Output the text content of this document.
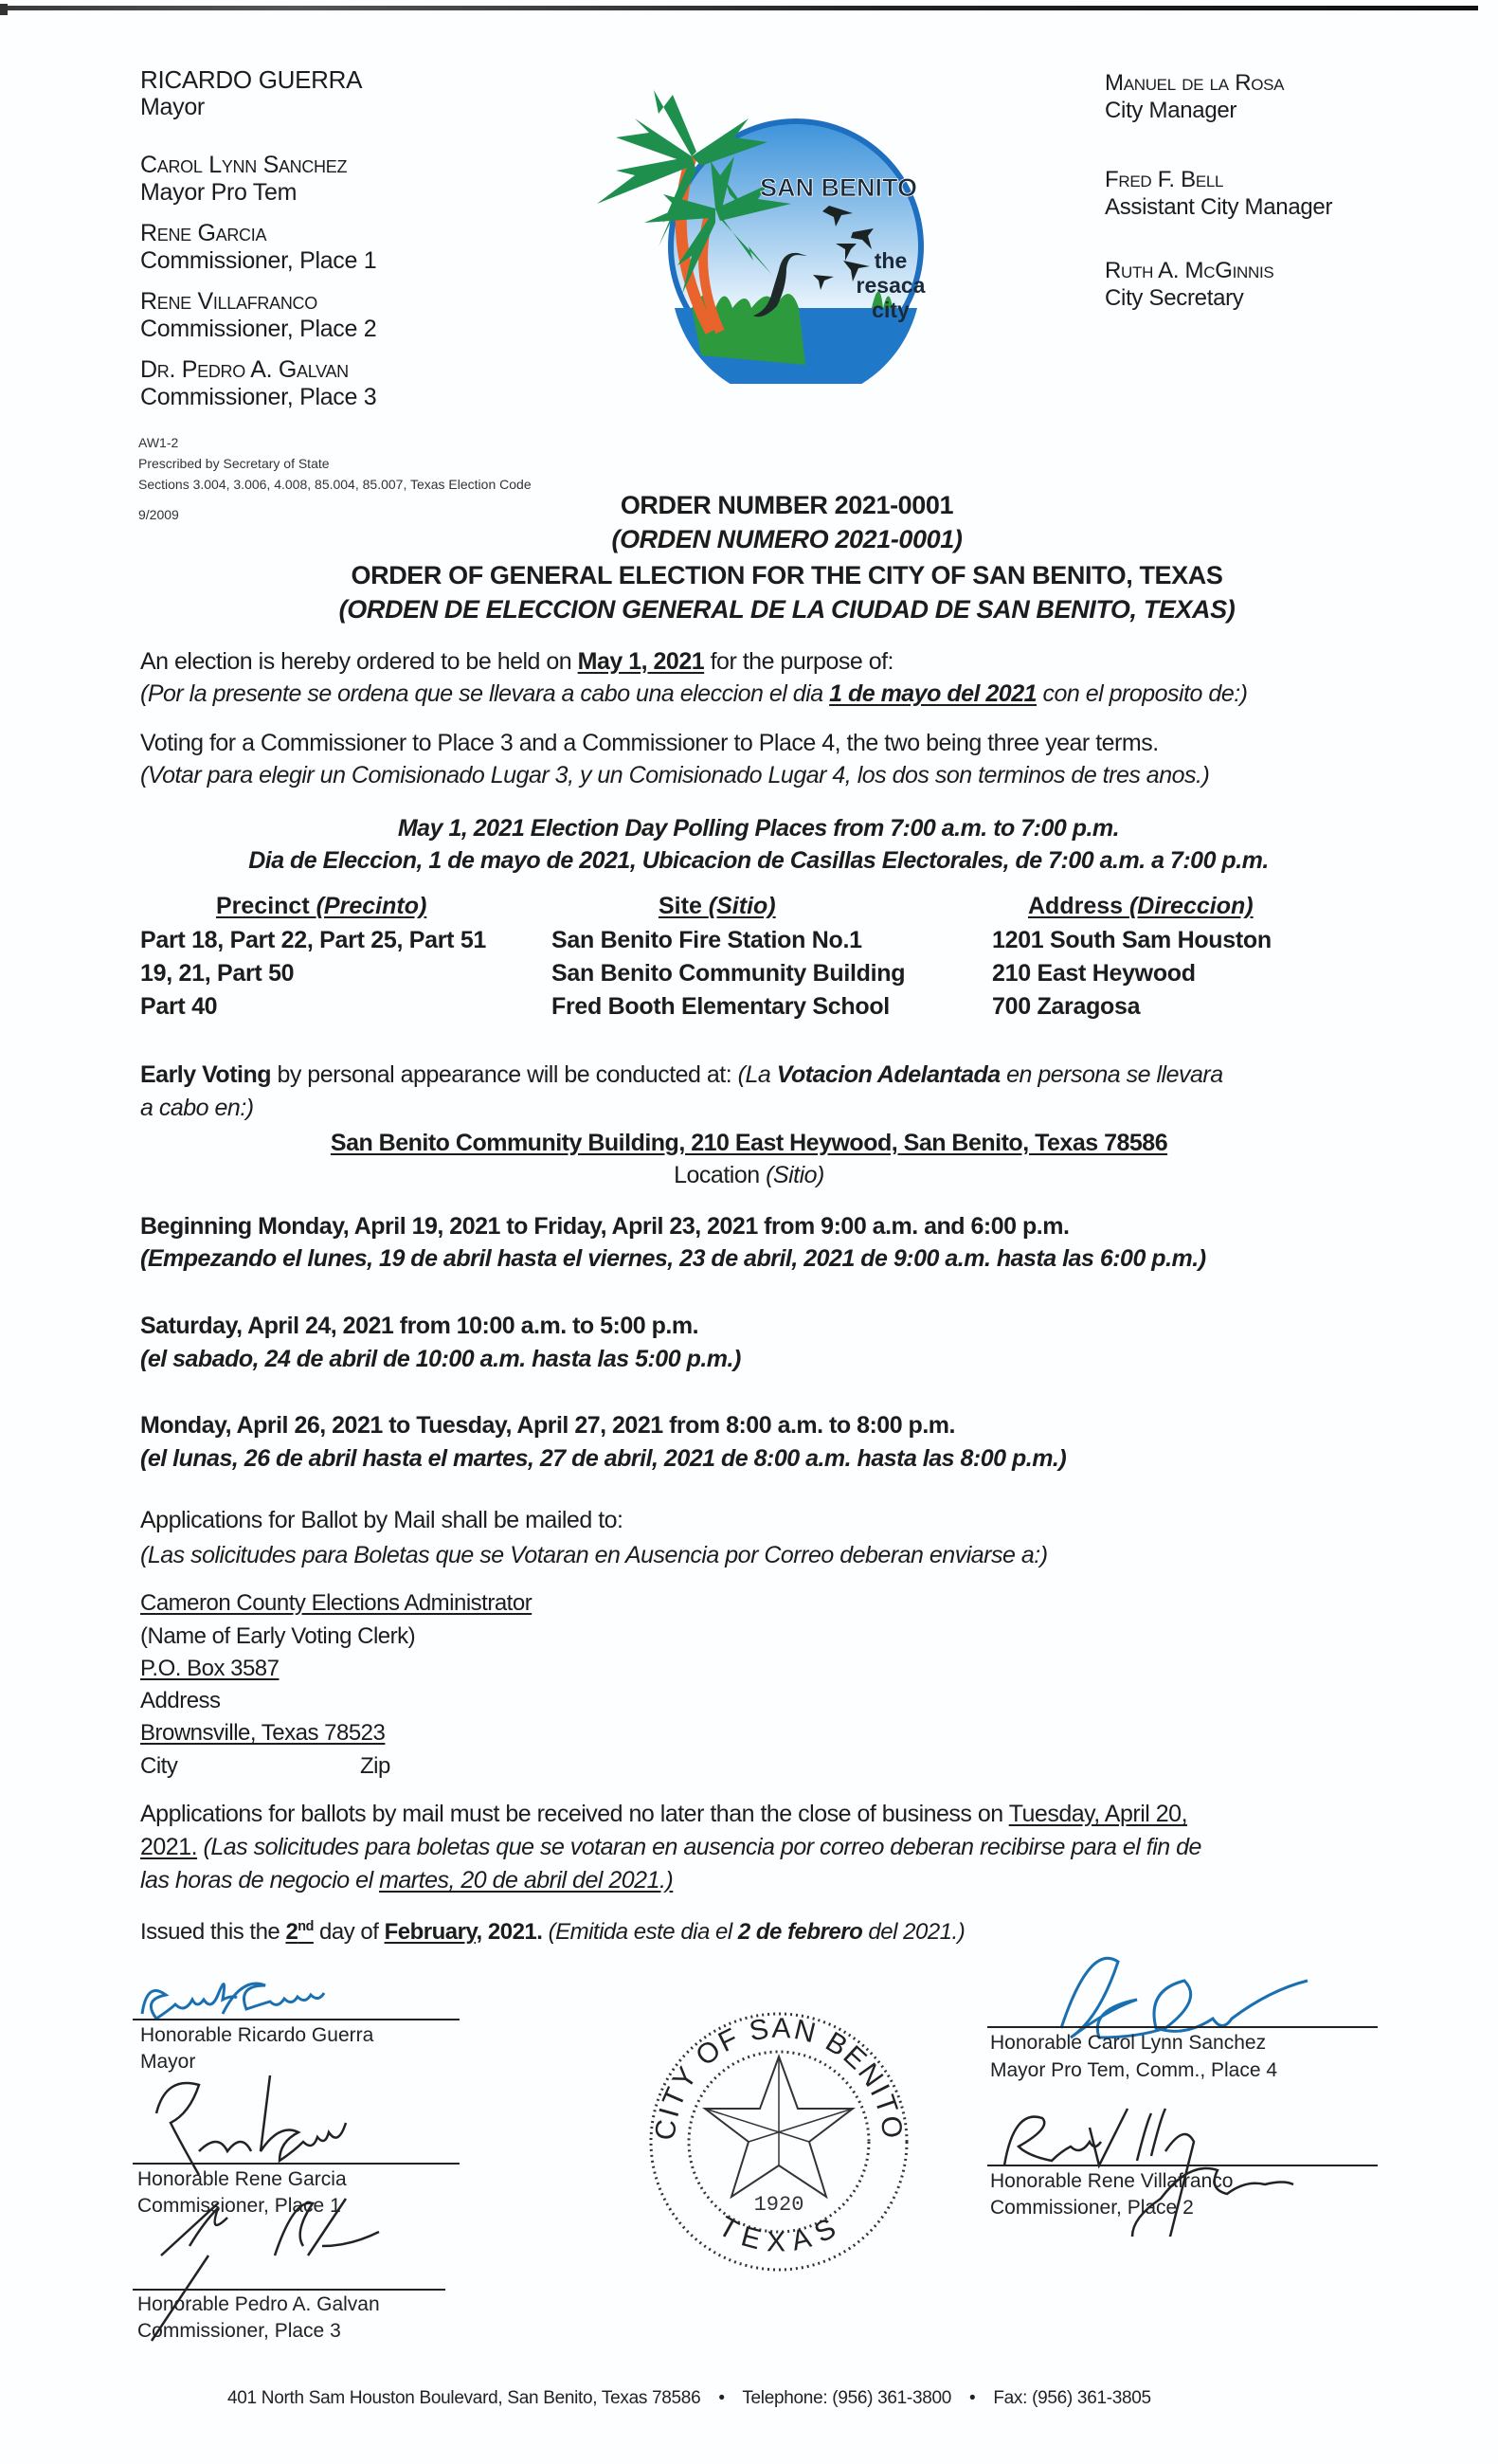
RICARDO GUERRA
Mayor
Carol Lynn Sanchez
Mayor Pro Tem
Rene Garcia
Commissioner, Place 1
Rene Villafranco
Commissioner, Place 2
Dr. Pedro A. Galvan
Commissioner, Place 3
AW1-2
Prescribed by Secretary of State
Sections 3.004, 3.006, 4.008, 85.004, 85.007, Texas Election Code
9/2009
SAN BENITO
the
resaca
city
Manuel de la Rosa
City Manager
Fred F. Bell
Assistant City Manager
Ruth A. McGinnis
City Secretary
ORDER NUMBER 2021-0001
(ORDEN NUMERO 2021-0001)
ORDER OF GENERAL ELECTION FOR THE CITY OF SAN BENITO, TEXAS
(ORDEN DE ELECCION GENERAL DE LA CIUDAD DE SAN BENITO, TEXAS)
An election is hereby ordered to be held on May 1, 2021 for the purpose of:
(Por la presente se ordena que se llevara a cabo una eleccion el dia 1 de mayo del 2021 con el proposito de:)
Voting for a Commissioner to Place 3 and a Commissioner to Place 4, the two being three year terms.
(Votar para elegir un Comisionado Lugar 3, y un Comisionado Lugar 4, los dos son terminos de tres anos.)
May 1, 2021 Election Day Polling Places from 7:00 a.m. to 7:00 p.m.
Dia de Eleccion, 1 de mayo de 2021, Ubicacion de Casillas Electorales, de 7:00 a.m. a 7:00 p.m.
Precinct (Precinto)	Site (Sitio)	Address (Direccion)
Part 18, Part 22, Part 25, Part 51	San Benito Fire Station No.1	1201 South Sam Houston
19, 21, Part 50	San Benito Community Building	210 East Heywood
Part 40	Fred Booth Elementary School	700 Zaragosa
Early Voting by personal appearance will be conducted at: (La Votacion Adelantada en persona se llevara
a cabo en:)
San Benito Community Building, 210 East Heywood, San Benito, Texas 78586
Location (Sitio)
Beginning Monday, April 19, 2021 to Friday, April 23, 2021 from 9:00 a.m. and 6:00 p.m.
(Empezando el lunes, 19 de abril hasta el viernes, 23 de abril, 2021 de 9:00 a.m. hasta las 6:00 p.m.)
Saturday, April 24, 2021 from 10:00 a.m. to 5:00 p.m.
(el sabado, 24 de abril de 10:00 a.m. hasta las 5:00 p.m.)
Monday, April 26, 2021 to Tuesday, April 27, 2021 from 8:00 a.m. to 8:00 p.m.
(el lunas, 26 de abril hasta el martes, 27 de abril, 2021 de 8:00 a.m. hasta las 8:00 p.m.)
Applications for Ballot by Mail shall be mailed to:
(Las solicitudes para Boletas que se Votaran en Ausencia por Correo deberan enviarse a:)
Cameron County Elections Administrator
(Name of Early Voting Clerk)
P.O. Box 3587
Address
Brownsville, Texas 78523
City	Zip
Applications for ballots by mail must be received no later than the close of business on Tuesday, April 20,
2021. (Las solicitudes para boletas que se votaran en ausencia por correo deberan recibirse para el fin de
las horas de negocio el martes, 20 de abril del 2021.)
Issued this the 2nd day of February, 2021. (Emitida este dia el 2 de febrero del 2021.)
Honorable Ricardo Guerra
Mayor
Honorable Rene Garcia
Commissioner, Place 1
Honorable Pedro A. Galvan
Commissioner, Place 3
CITY OF SAN BENITO
TEXAS
1920
Honorable Carol Lynn Sanchez
Mayor Pro Tem, Comm., Place 4
Honorable Rene Villafranco
Commissioner, Place 2
401 North Sam Houston Boulevard, San Benito, Texas 78586 • Telephone: (956) 361-3800 • Fax: (956) 361-3805
